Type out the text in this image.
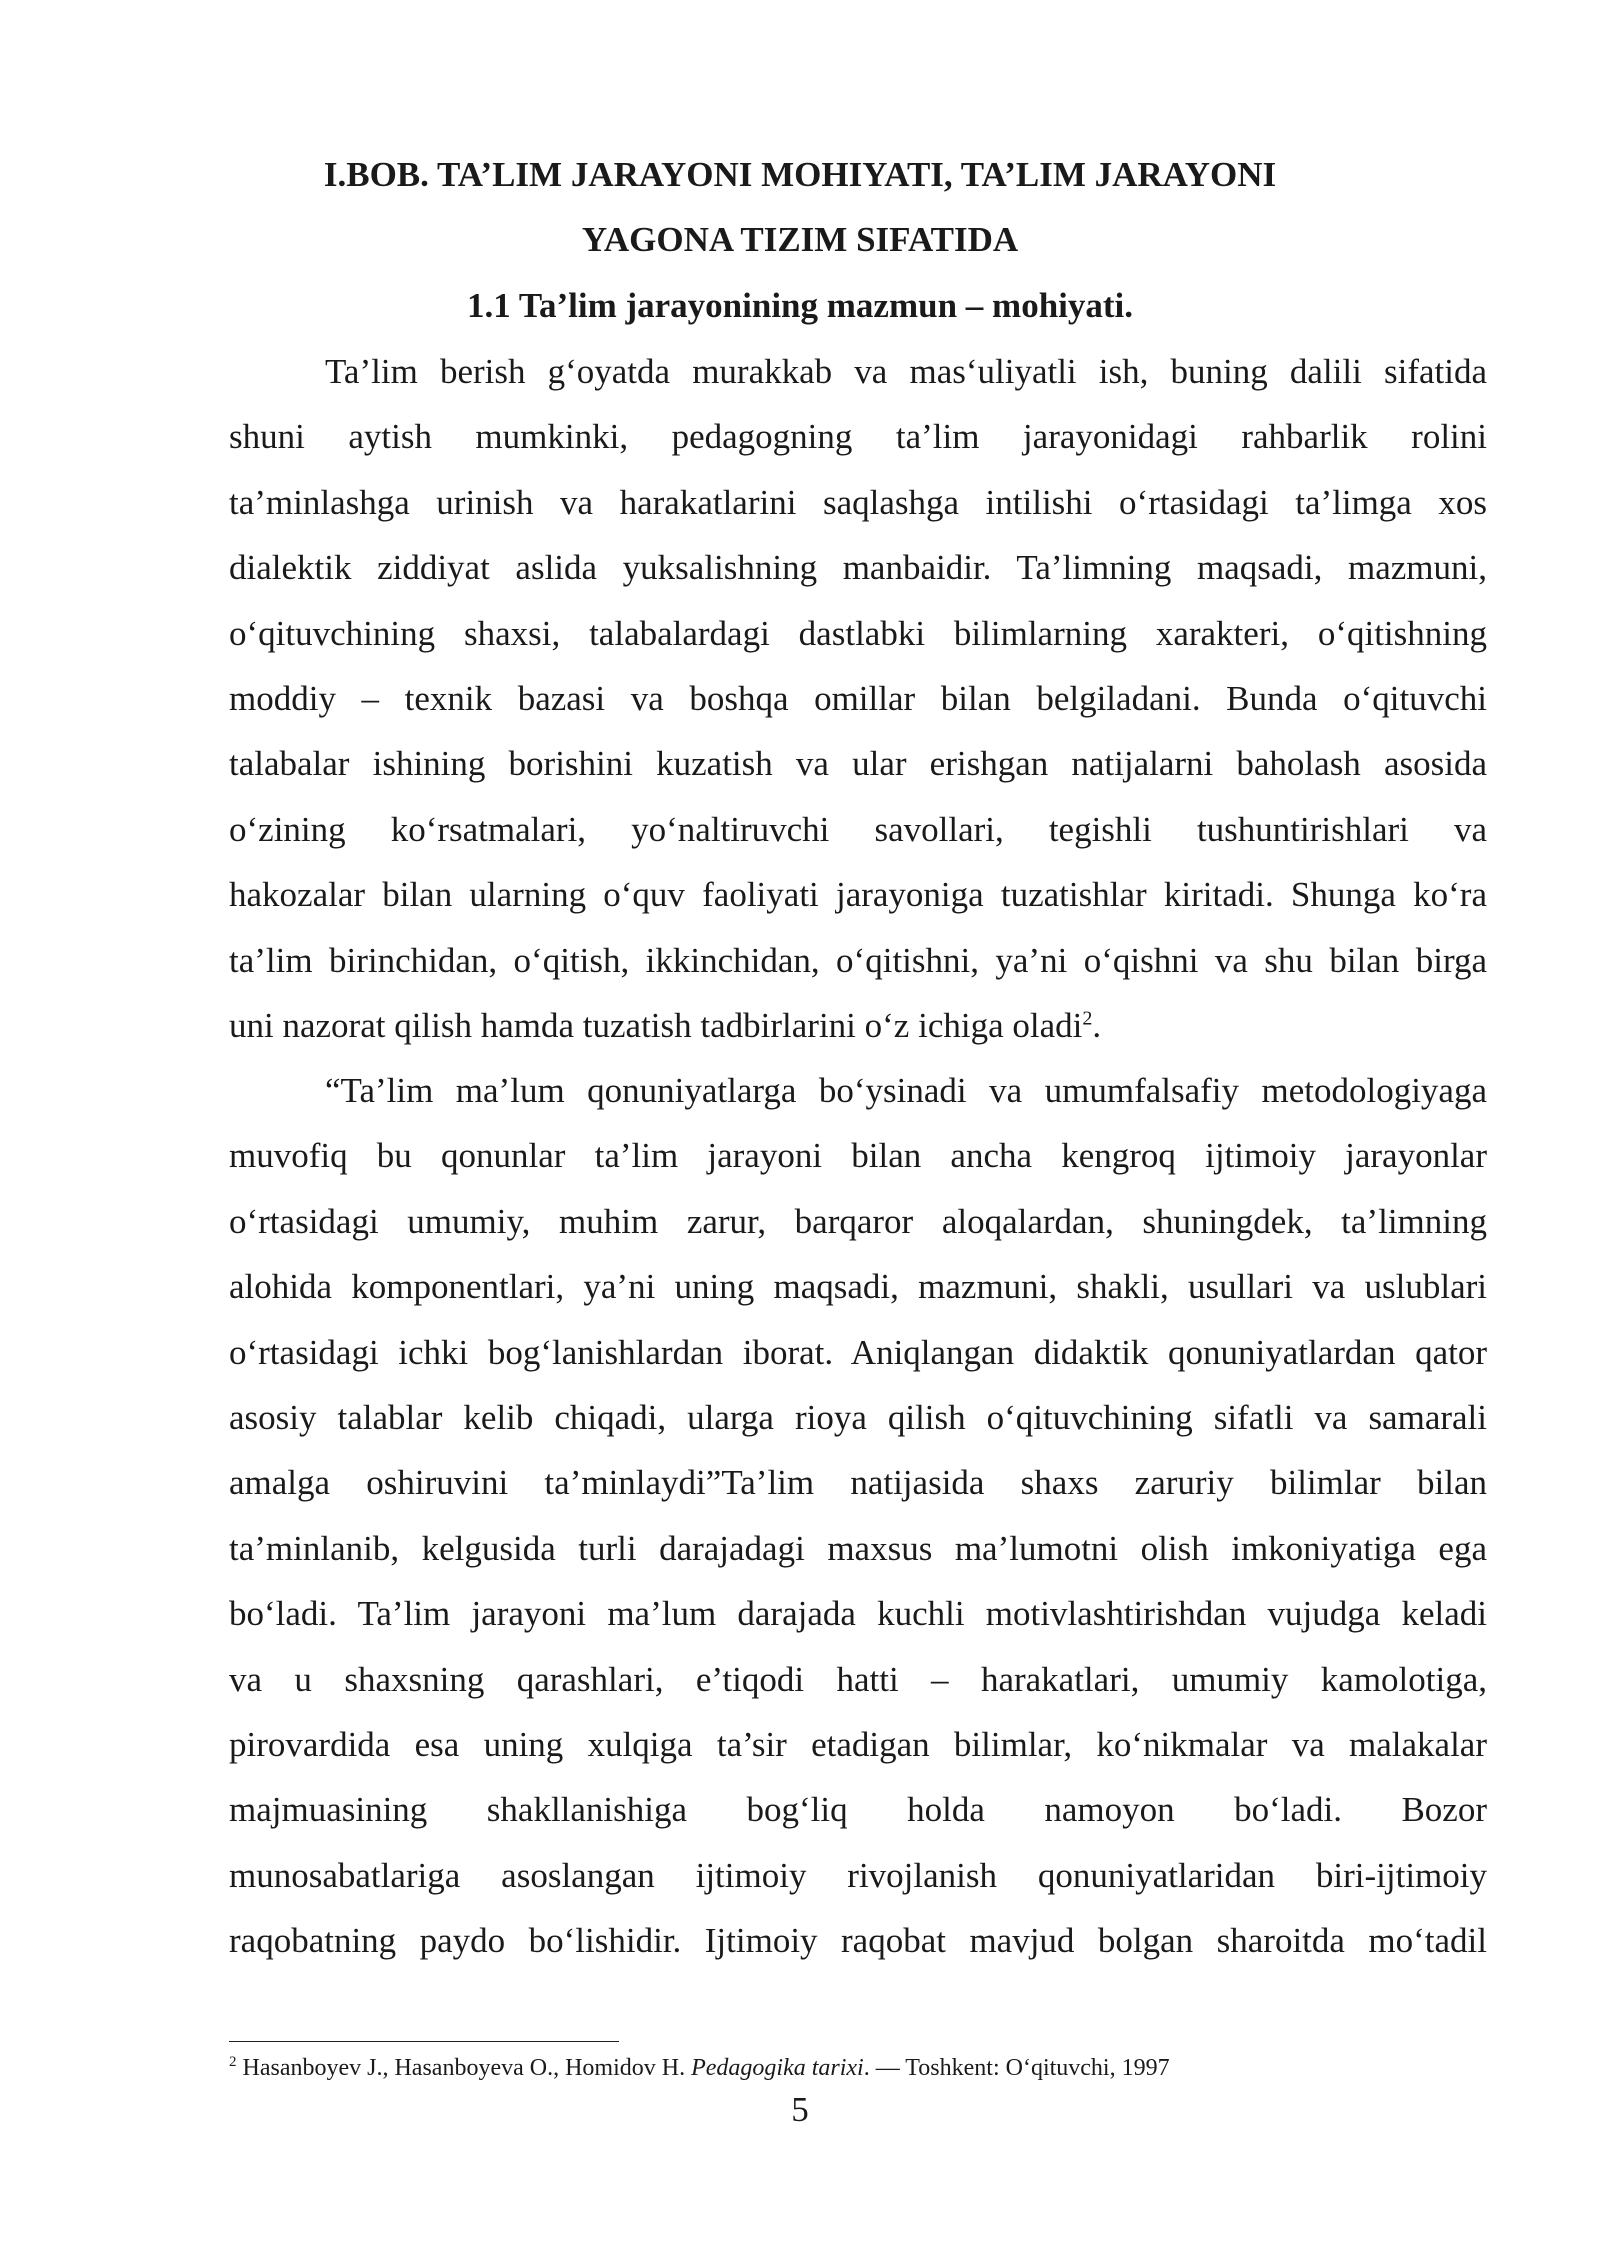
I.BOB. TA’LIM JARAYONI MOHIYATI, TA’LIM JARAYONI
YAGONA TIZIM SIFATIDA
1.1 Ta’lim jarayonining mazmun – mohiyati.
Ta’lim berish g‘oyatda murakkab va mas‘uliyatli ish, buning dalili sifatida
shuni aytish mumkinki, pedagogning ta’lim jarayonidagi rahbarlik rolini
ta’minlashga urinish va harakatlarini saqlashga intilishi o‘rtasidagi ta’limga xos
dialektik ziddiyat aslida yuksalishning manbaidir. Ta’limning maqsadi, mazmuni,
o‘qituvchining shaxsi, talabalardagi dastlabki bilimlarning xarakteri, o‘qitishning
moddiy – texnik bazasi va boshqa omillar bilan belgiladani. Bunda o‘qituvchi
talabalar ishining borishini kuzatish va ular erishgan natijalarni baholash asosida
o‘zining ko‘rsatmalari, yo‘naltiruvchi savollari, tegishli tushuntirishlari va
hakozalar bilan ularning o‘quv faoliyati jarayoniga tuzatishlar kiritadi. Shunga ko‘ra
ta’lim birinchidan, o‘qitish, ikkinchidan, o‘qitishni, ya’ni o‘qishni va shu bilan birga
uni nazorat qilish hamda tuzatish tadbirlarini o‘z ichiga oladi$^2$.
“Ta’lim ma’lum qonuniyatlarga bo‘ysinadi va umumfalsafiy metodologiyaga
muvofiq bu qonunlar ta’lim jarayoni bilan ancha kengroq ijtimoiy jarayonlar
o‘rtasidagi umumiy, muhim zarur, barqaror aloqalardan, shuningdek, ta’limning
alohida komponentlari, ya’ni uning maqsadi, mazmuni, shakli, usullari va uslublari
o‘rtasidagi ichki bog‘lanishlardan iborat. Aniqlangan didaktik qonuniyatlardan qator
asosiy talablar kelib chiqadi, ularga rioya qilish o‘qituvchining sifatli va samarali
amalga oshiruvini ta’minlaydi”Ta’lim natijasida shaxs zaruriy bilimlar bilan
ta’minlanib, kelgusida turli darajadagi maxsus ma’lumotni olish imkoniyatiga ega
bo‘ladi. Ta’lim jarayoni ma’lum darajada kuchli motivlashtirishdan vujudga keladi
va u shaxsning qarashlari, e’tiqodi hatti – harakatlari, umumiy kamolotiga,
pirovardida esa uning xulqiga ta’sir etadigan bilimlar, ko‘nikmalar va malakalar
majmuasining shakllanishiga bog‘liq holda namoyon bo‘ladi. Bozor
munosabatlariga asoslangan ijtimoiy rivojlanish qonuniyatlaridan biri-ijtimoiy
raqobatning paydo bo‘lishidir. Ijtimoiy raqobat mavjud bolgan sharoitda mo‘tadil
$^2$ Hasanboyev J., Hasanboyeva O., Homidov H. Pedagogika tarixi. — Toshkent: O‘qituvchi, 1997
5
